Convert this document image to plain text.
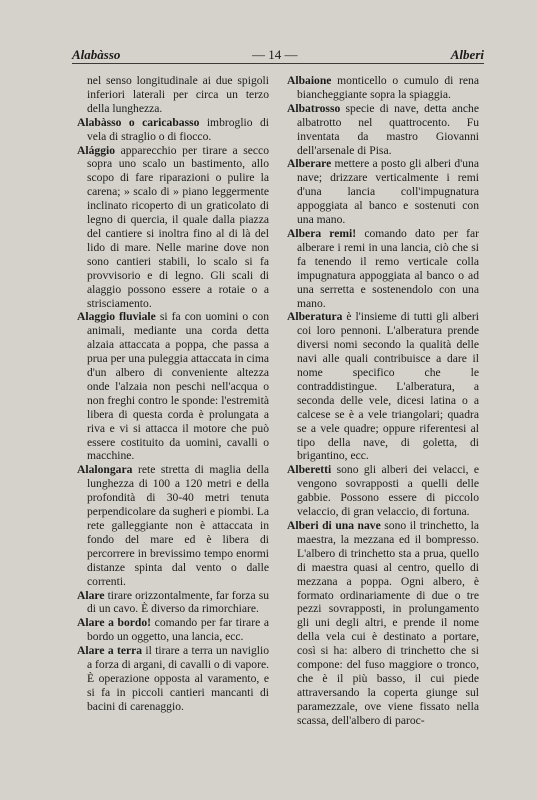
Alabàsso	— 14 —	Alberi

nel senso longitudinale ai due spigoli inferiori laterali per circa un terzo della lunghezza.

Alabàsso o caricabasso imbroglio di vela di straglio o di fiocco.

Alággio apparecchio per tirare a secco sopra uno scalo un bastimento, allo scopo di fare riparazioni o pulire la carena; » scalo di » piano leggermente inclinato ricoperto di un graticolato di legno di quercia, il quale dalla piazza del cantiere si inoltra fino al di là del lido di mare. Nelle marine dove non sono cantieri stabili, lo scalo si fa provvisorio e di legno. Gli scali di alaggio possono essere a rotaie o a strisciamento.

Alaggio fluviale si fa con uomini o con animali, mediante una corda detta alzaia attaccata a poppa, che passa a prua per una puleggia attaccata in cima d'un albero di conveniente altezza onde l'alzaia non peschi nell'acqua o non freghi contro le sponde: l'estremità libera di questa corda è prolungata a riva e vi si attacca il motore che può essere costituito da uomini, cavalli o macchine.

Alalongara rete stretta di maglia della lunghezza di 100 a 120 metri e della profondità di 30-40 metri tenuta perpendicolare da sugheri e piombi. La rete galleggiante non è attaccata in fondo del mare ed è libera di percorrere in brevissimo tempo enormi distanze spinta dal vento o dalle correnti.

Alare tirare orizzontalmente, far forza su di un cavo. È diverso da rimorchiare.

Alare a bordo! comando per far tirare a bordo un oggetto, una lancia, ecc.

Alare a terra il tirare a terra un naviglio a forza di argani, di cavalli o di vapore. È operazione opposta al varamento, e si fa in piccoli cantieri mancanti di bacini di carenaggio.

Albaione monticello o cumulo di rena biancheggiante sopra la spiaggia.

Albatrosso specie di nave, detta anche albatrotto nel quattrocento. Fu inventata da mastro Giovanni dell'arsenale di Pisa.

Alberare mettere a posto gli alberi d'una nave; drizzare verticalmente i remi d'una lancia coll'impugnatura appoggiata al banco e sostenuti con una mano.

Albera remi! comando dato per far alberare i remi in una lancia, ciò che si fa tenendo il remo verticale colla impugnatura appoggiata al banco o ad una serretta e sostenendolo con una mano.

Alberatura è l'insieme di tutti gli alberi coi loro pennoni. L'alberatura prende diversi nomi secondo la qualità delle navi alle quali contribuisce a dare il nome specifico che le contraddistingue. L'alberatura, a seconda delle vele, dicesi latina o a calcese se è a vele triangolari; quadra se a vele quadre; oppure riferentesi al tipo della nave, di goletta, di brigantino, ecc.

Alberetti sono gli alberi dei velacci, e vengono sovrapposti a quelli delle gabbie. Possono essere di piccolo velaccio, di gran velaccio, di fortuna.

Alberi di una nave sono il trinchetto, la maestra, la mezzana ed il bompresso. L'albero di trinchetto sta a prua, quello di maestra quasi al centro, quello di mezzana a poppa. Ogni albero, è formato ordinariamente di due o tre pezzi sovrapposti, in prolungamento gli uni degli altri, e prende il nome della vela cui è destinato a portare, così si ha: albero di trinchetto che si compone: del fuso maggiore o tronco, che è il più basso, il cui piede attraversando la coperta giunge sul paramezzale, ove viene fissato nella scassa, dell'albero di paroc-
